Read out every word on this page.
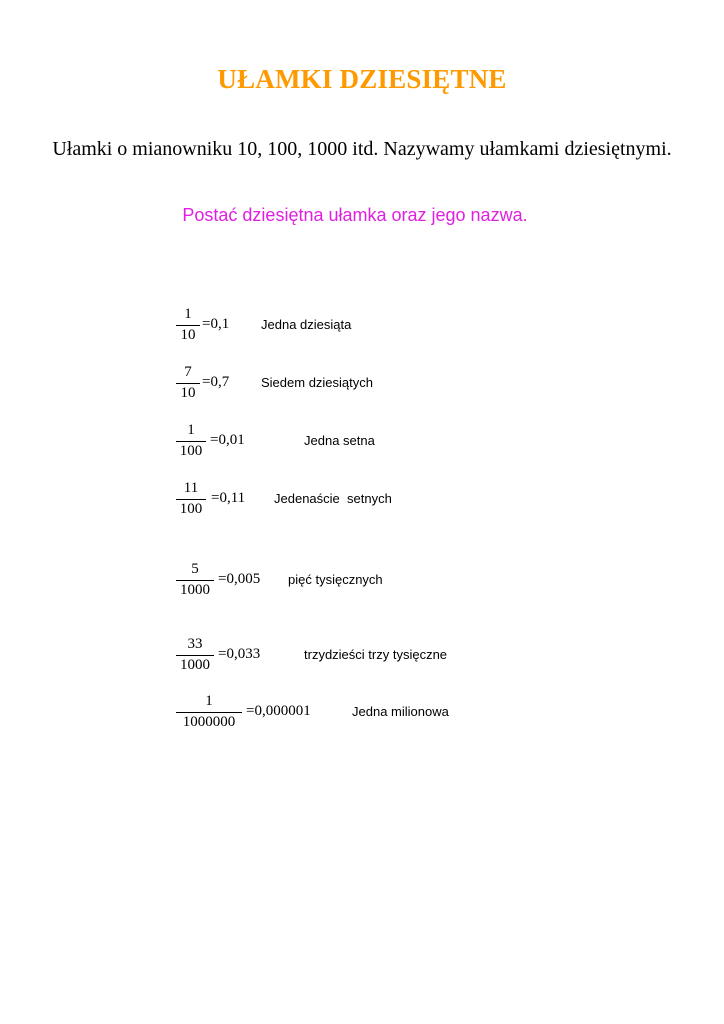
UŁAMKI DZIESIĘTNE
Ułamki o mianowniku 10, 100, 1000 itd. Nazywamy ułamkami dziesiętnymi.
Postać dziesiętna ułamka oraz jego nazwa.
1
10
=0,1 Jedna dziesiąta
7
10
=0,7 Siedem dziesiątych
1
100
=0,01	Jedna setna
11
100
=0,11 Jedenaście  setnych
5
1000
=0,005 pięć tysięcznych
33
1000
=0,033	trzydzieści trzy tysięczne
1
1000000
=0,000001	Jedna milionowa
